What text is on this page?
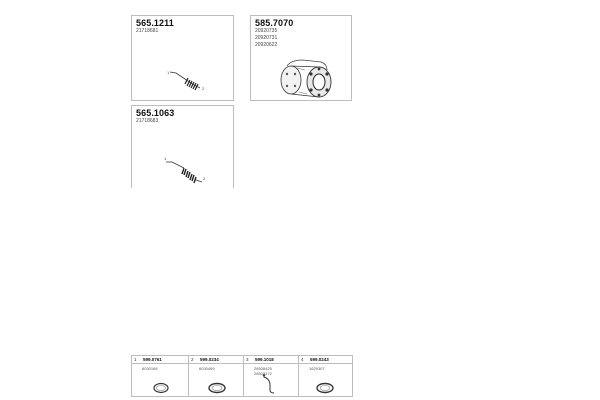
565.1211
21718681
1
2
585.7070
20920735
20920731
20920622
565.1063
21718683
1
2
1 599.0761
6030168
2 599.0234
6030469
3 599.1018
28508425
28503172
4 599.0243
1629307
